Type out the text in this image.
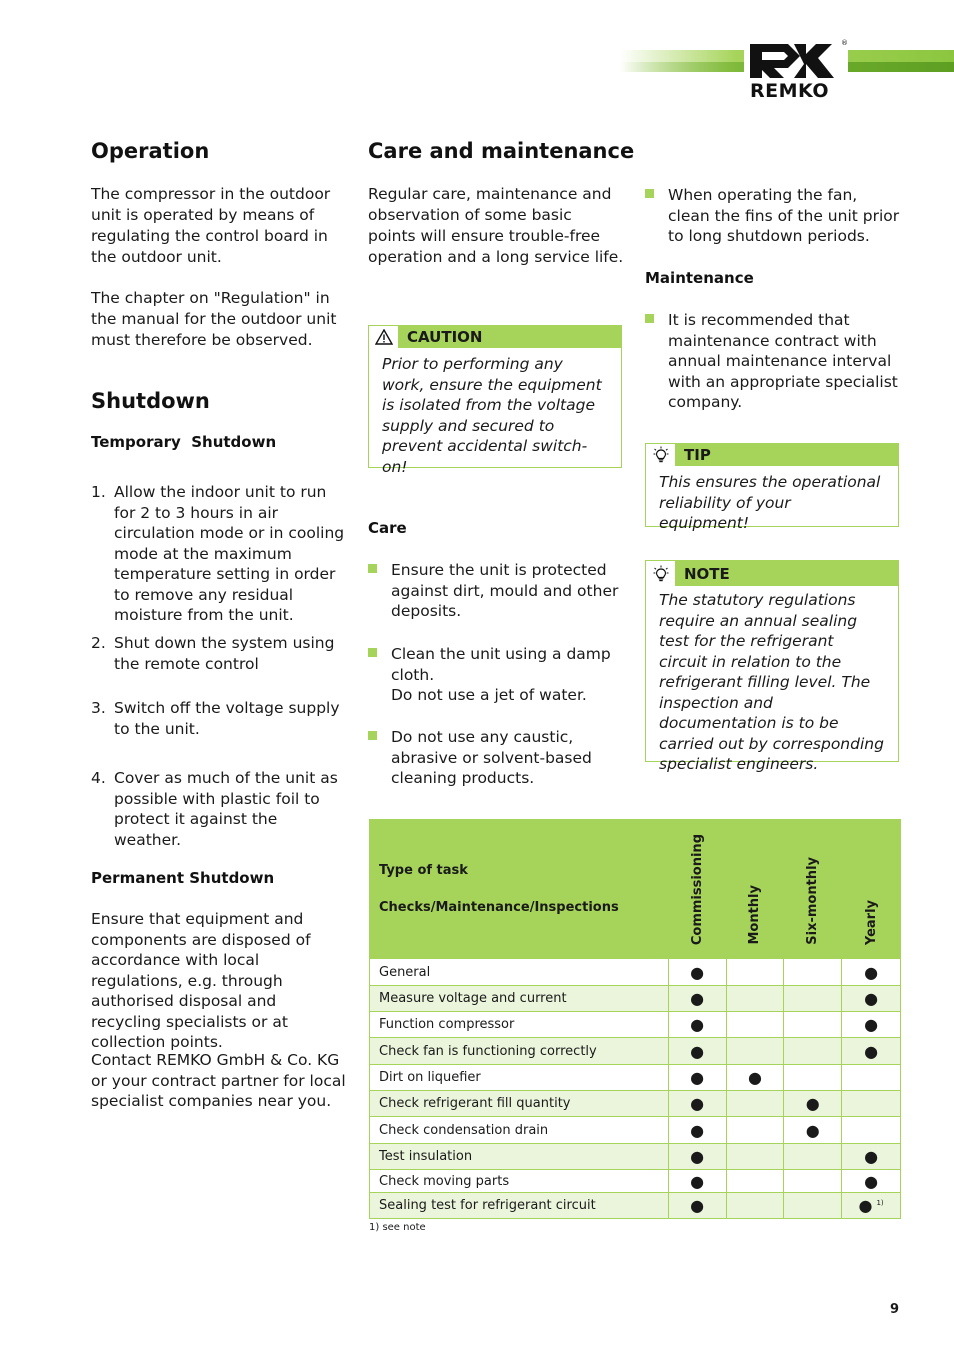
REMKO
®
Operation

The compressor in the outdoor unit is operated by means of regulating the control board in the outdoor unit.

The chapter on "Regulation" in the manual for the outdoor unit must therefore be observed.

Shutdown
Temporary  Shutdown
1. Allow the indoor unit to run for 2 to 3 hours in air circulation mode or in cooling mode at the maximum temperature setting in order to remove any residual moisture from the unit.
2. Shut down the system using the remote control
3. Switch off the voltage supply to the unit.
4. Cover as much of the unit as possible with plastic foil to protect it against the weather.
Permanent Shutdown

Ensure that equipment and components are disposed of accordance with local regulations, e.g. through authorised disposal and recycling specialists or at collection points.

Contact REMKO GmbH & Co. KG or your contract partner for local specialist companies near you.

Care and maintenance

Regular care, maintenance and observation of some basic points will ensure trouble-free operation and a long service life.

CAUTION
Prior to performing any work, ensure the equipment is isolated from the voltage supply and secured to prevent accidental switch-on!
Care
Ensure the unit is protected against dirt, mould and other deposits.
Clean the unit using a damp cloth.
Do not use a jet of water.
Do not use any caustic, abrasive or solvent-based cleaning products.
When operating the fan, clean the fins of the unit prior to long shutdown periods.
Maintenance
It is recommended that maintenance contract with annual maintenance interval with an appropriate specialist company.
TIP
This ensures the operational reliability of your equipment!
NOTE
The statutory regulations require an annual sealing test for the refrigerant circuit in relation to the refrigerant filling level. The inspection and documentation is to be carried out by corresponding specialist engineers.
Type of task
Checks/Maintenance/Inspections	Commissioning	Monthly	Six-monthly	Yearly
General	●			●
Measure voltage and current	●			●
Function compressor	●			●
Check fan is functioning correctly	●			●
Dirt on liquefier	●	●		
Check refrigerant fill quantity	●		●	
Check condensation drain	●		●	
Test insulation	●			●
Check moving parts	●			●
Sealing test for refrigerant circuit	●			● $^{1)}$
1) see note
9
